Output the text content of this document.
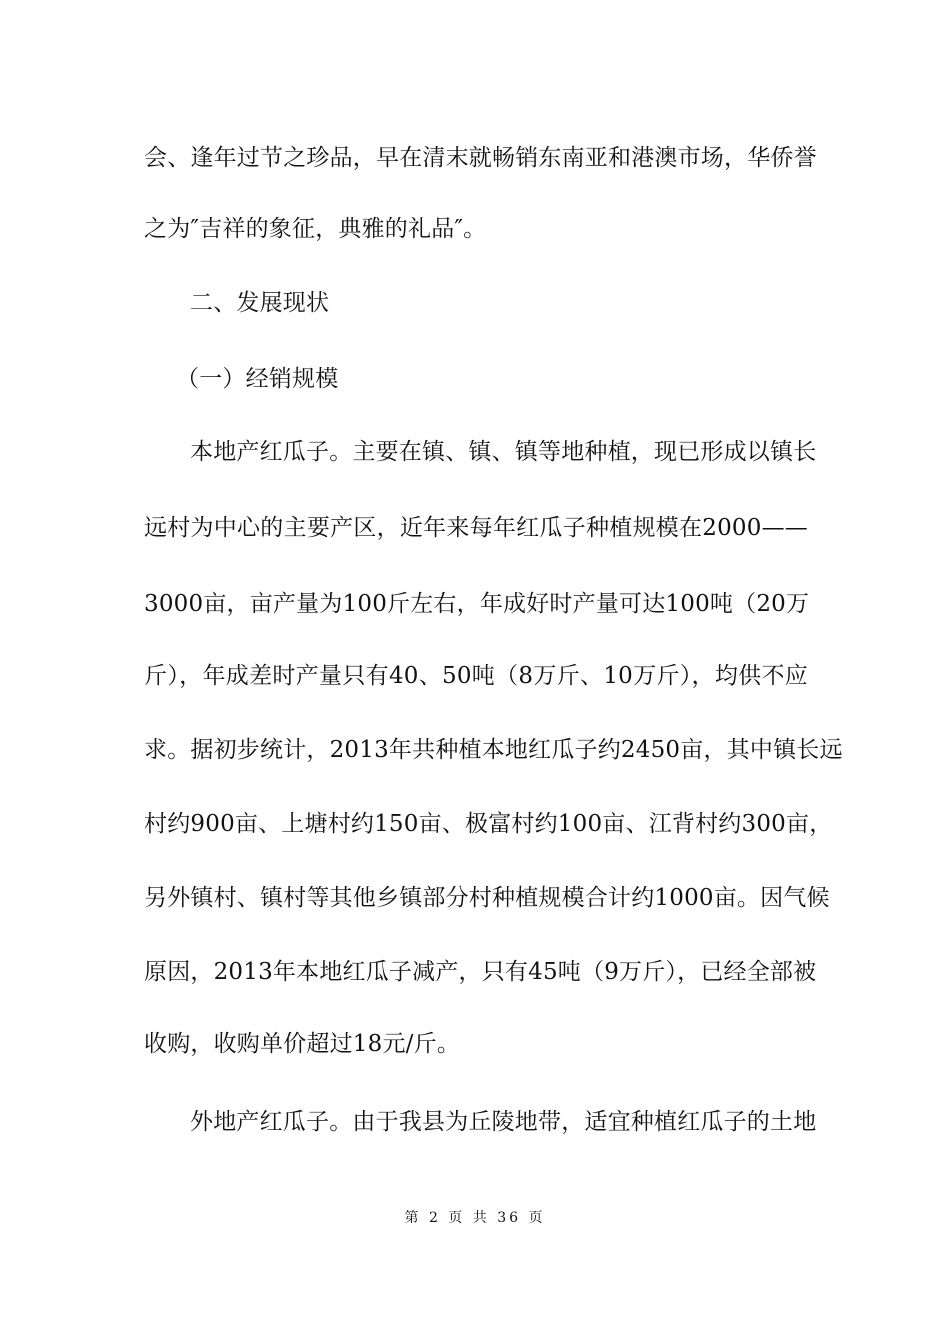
会、逢年过节之珍品，早在清末就畅销东南亚和港澳市场，华侨誉
之为″吉祥的象征，典雅的礼品″。
二、发展现状
（一）经销规模
本地产红瓜子。主要在镇、镇、镇等地种植，现已形成以镇长
远村为中心的主要产区，近年来每年红瓜子种植规模在2000——
3000亩，亩产量为100斤左右，年成好时产量可达100吨（20万
斤），年成差时产量只有40、50吨（8万斤、10万斤），均供不应
求。据初步统计，2013年共种植本地红瓜子约2450亩，其中镇长远
村约900亩、上塘村约150亩、极富村约100亩、江背村约300亩，
另外镇村、镇村等其他乡镇部分村种植规模合计约1000亩。因气候
原因，2013年本地红瓜子减产，只有45吨（9万斤），已经全部被
收购，收购单价超过18元/斤。
外地产红瓜子。由于我县为丘陵地带，适宜种植红瓜子的土地
第 2 页 共 36 页
